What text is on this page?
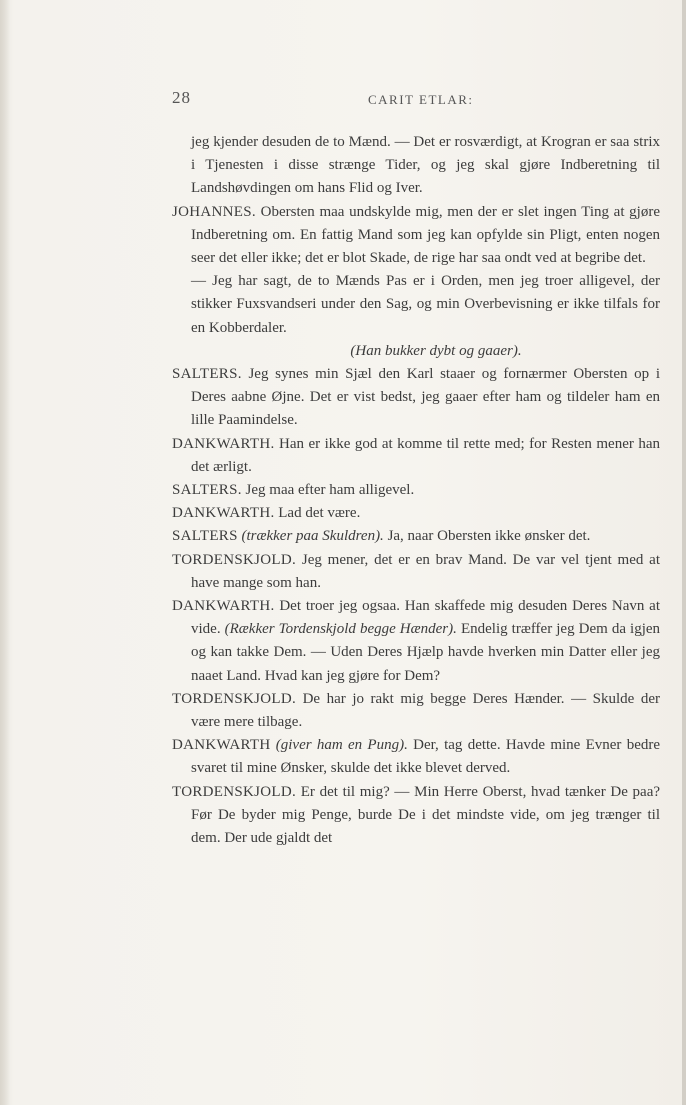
28	CARIT ETLAR:

jeg kjender desuden de to Mænd. — Det er rosværdigt, at Krogran er saa strix i Tjenesten i disse strænge Tider, og jeg skal gjøre Indberetning til Landshøvdingen om hans Flid og Iver.

JOHANNES. Obersten maa undskylde mig, men der er slet ingen Ting at gjøre Indberetning om. En fattig Mand som jeg kan opfylde sin Pligt, enten nogen seer det eller ikke; det er blot Skade, de rige har saa ondt ved at begribe det.

— Jeg har sagt, de to Mænds Pas er i Orden, men jeg troer alligevel, der stikker Fuxsvandseri under den Sag, og min Overbevisning er ikke tilfals for en Kobberdaler.

(Han bukker dybt og gaaer).

SALTERS. Jeg synes min Sjæl den Karl staaer og fornærmer Obersten op i Deres aabne Øjne. Det er vist bedst, jeg gaaer efter ham og tildeler ham en lille Paamindelse.

DANKWARTH. Han er ikke god at komme til rette med; for Resten mener han det ærligt.

SALTERS. Jeg maa efter ham alligevel.

DANKWARTH. Lad det være.

SALTERS (trækker paa Skuldren). Ja, naar Obersten ikke ønsker det.

TORDENSKJOLD. Jeg mener, det er en brav Mand. De var vel tjent med at have mange som han.

DANKWARTH. Det troer jeg ogsaa. Han skaffede mig desuden Deres Navn at vide. (Rækker Tordenskjold begge Hænder). Endelig træffer jeg Dem da igjen og kan takke Dem. — Uden Deres Hjælp havde hverken min Datter eller jeg naaet Land. Hvad kan jeg gjøre for Dem?

TORDENSKJOLD. De har jo rakt mig begge Deres Hænder. — Skulde der være mere tilbage.

DANKWARTH (giver ham en Pung). Der, tag dette. Havde mine Evner bedre svaret til mine Ønsker, skulde det ikke blevet derved.

TORDENSKJOLD. Er det til mig? — Min Herre Oberst, hvad tænker De paa? Før De byder mig Penge, burde De i det mindste vide, om jeg trænger til dem. Der ude gjaldt det
